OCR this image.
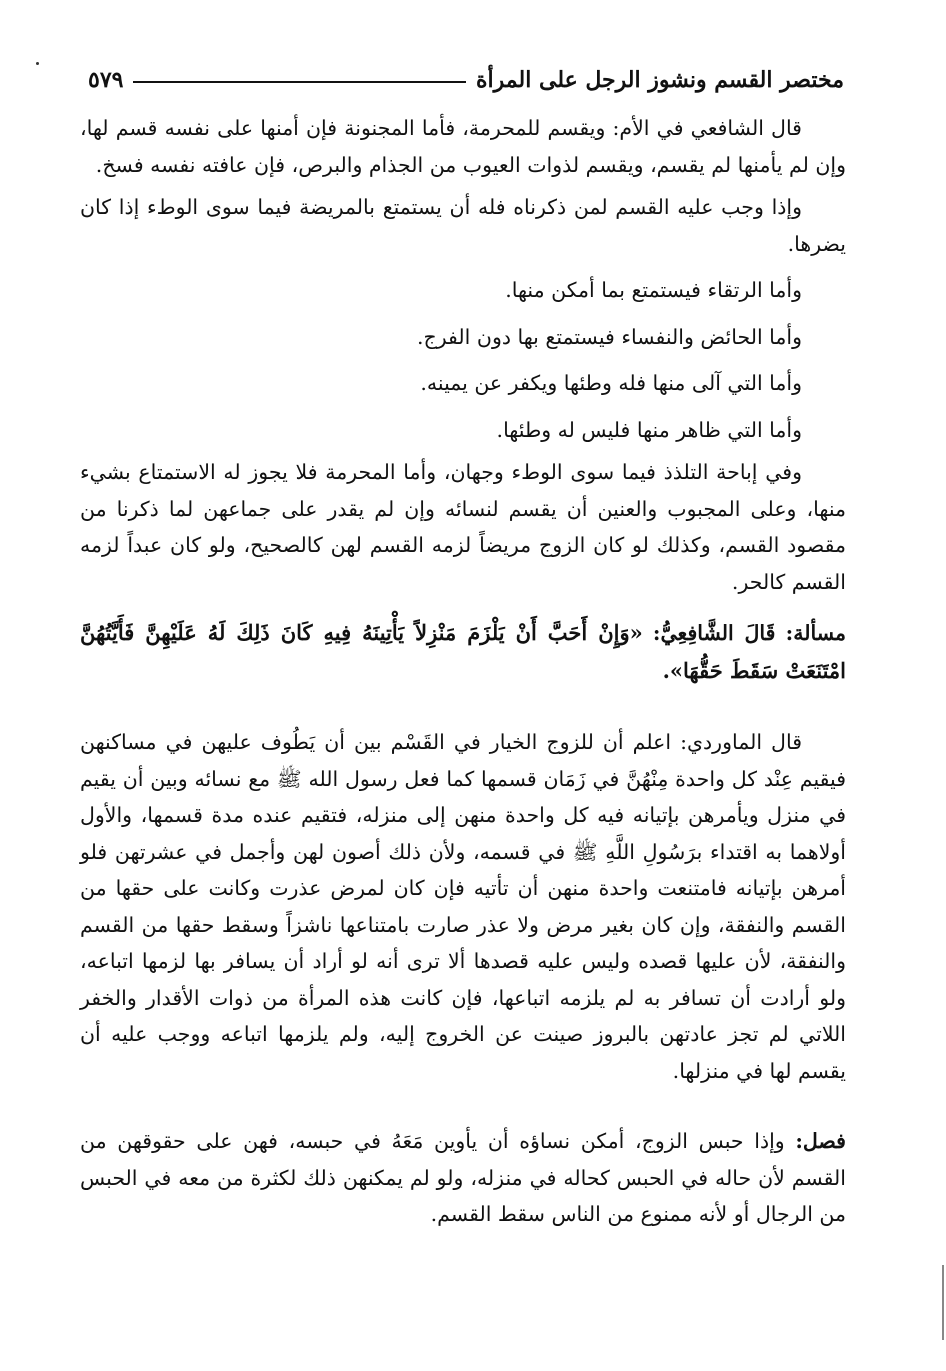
مختصر القسم ونشوز الرجل على المرأة
٥٧٩

قال الشافعي في الأم: ويقسم للمحرمة، فأما المجنونة فإن أمنها على نفسه قسم لها، وإن لم يأمنها لم يقسم، ويقسم لذوات العيوب من الجذام والبرص، فإن عافته نفسه فسخ.

وإذا وجب عليه القسم لمن ذكرناه فله أن يستمتع بالمريضة فيما سوى الوطء إذا كان يضرها.

وأما الرتقاء فيستمتع بما أمكن منها.

وأما الحائض والنفساء فيستمتع بها دون الفرج.

وأما التي آلى منها فله وطئها ويكفر عن يمينه.

وأما التي ظاهر منها فليس له وطئها.

وفي إباحة التلذذ فيما سوى الوطء وجهان، وأما المحرمة فلا يجوز له الاستمتاع بشيء منها، وعلى المجبوب والعنين أن يقسم لنسائه وإن لم يقدر على جماعهن لما ذكرنا من مقصود القسم، وكذلك لو كان الزوج مريضاً لزمه القسم لهن كالصحيح، ولو كان عبداً لزمه القسم كالحر.

مسألة: قَالَ الشَّافِعِيُّ: «وَإِنْ أَحَبَّ أَنْ يَلْزَمَ مَنْزِلاً يَأْتِينَهُ فِيهِ كَانَ ذَلِكَ لَهُ عَلَيْهِنَّ فَأَيَّتُهُنَّ امْتَنَعَتْ سَقَطَ حَقُّهَا».

قال الماوردي: اعلم أن للزوج الخيار في القَسْم بين أن يَطُوف عليهن في مساكنهن فيقيم عِنْد كل واحدة مِنْهُنَّ في زَمَان قسمها كما فعل رسول الله ﷺ مع نسائه وبين أن يقيم في منزل ويأمرهن بإتيانه فيه كل واحدة منهن إلى منزله، فتقيم عنده مدة قسمها، والأول أولاهما به اقتداء برَسُولِ اللَّهِ ﷺ في قسمه، ولأن ذلك أصون لهن وأجمل في عشرتهن فلو أمرهن بإتيانه فامتنعت واحدة منهن أن تأتيه فإن كان لمرض عذرت وكانت على حقها من القسم والنفقة، وإن كان بغير مرض ولا عذر صارت بامتناعها ناشزاً وسقط حقها من القسم والنفقة، لأن عليها قصده وليس عليه قصدها ألا ترى أنه لو أراد أن يسافر بها لزمها اتباعه، ولو أرادت أن تسافر به لم يلزمه اتباعها، فإن كانت هذه المرأة من ذوات الأقدار والخفر اللاتي لم تجز عادتهن بالبروز صينت عن الخروج إليه، ولم يلزمها اتباعه ووجب عليه أن يقسم لها في منزلها.

فصل: وإذا حبس الزوج، أمكن نساؤه أن يأوين مَعَهُ في حبسه، فهن على حقوقهن من القسم لأن حاله في الحبس كحاله في منزله، ولو لم يمكنهن ذلك لكثرة من معه في الحبس من الرجال أو لأنه ممنوع من الناس سقط القسم.
